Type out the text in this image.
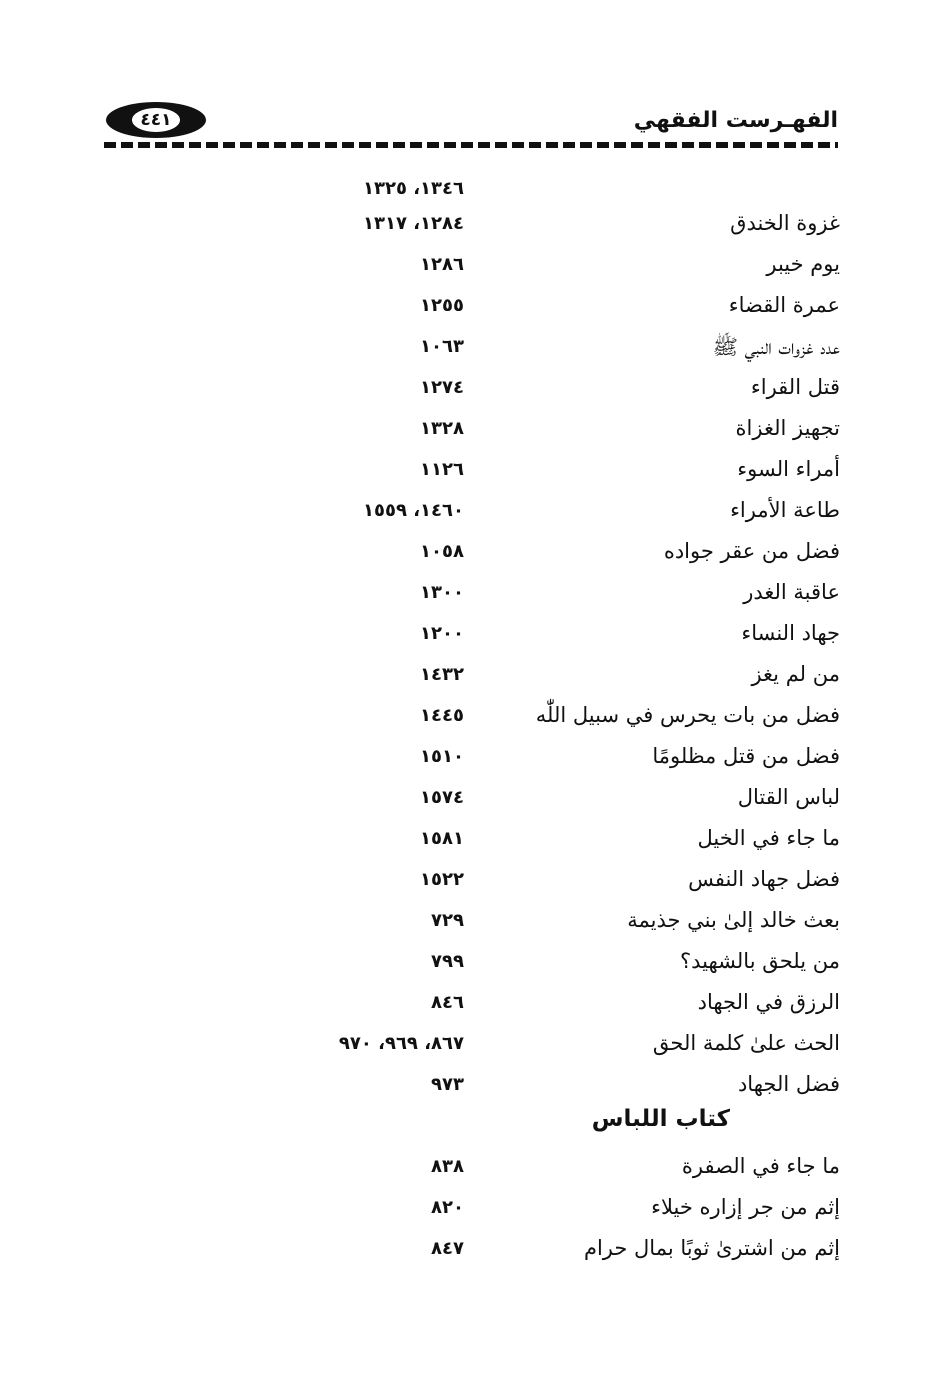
٤٤١	الفهـرست الفقهي
١٣٤٦، ١٣٢٥
غزوة الخندق
١٢٨٤، ١٣١٧
يوم خيبر
١٢٨٦
عمرة القضاء
١٢٥٥
عدد غزوات النبي ﷺ
١٠٦٣
قتل القراء
١٢٧٤
تجهيز الغزاة
١٣٢٨
أمراء السوء
١١٢٦
طاعة الأمراء
١٤٦٠، ١٥٥٩
فضل من عقر جواده
١٠٥٨
عاقبة الغدر
١٣٠٠
جهاد النساء
١٢٠٠
من لم يغز
١٤٣٢
فضل من بات يحرس في سبيل اللّٰه
١٤٤٥
فضل من قتل مظلومًا
١٥١٠
لباس القتال
١٥٧٤
ما جاء في الخيل
١٥٨١
فضل جهاد النفس
١٥٢٢
بعث خالد إلىٰ بني جذيمة
٧٢٩
من يلحق بالشهيد؟
٧٩٩
الرزق في الجهاد
٨٤٦
الحث علىٰ كلمة الحق
٨٦٧، ٩٦٩، ٩٧٠
فضل الجهاد
٩٧٣
كتاب اللباس
ما جاء في الصفرة
٨٣٨
إثم من جر إزاره خيلاء
٨٢٠
إثم من اشترىٰ ثوبًا بمال حرام
٨٤٧
